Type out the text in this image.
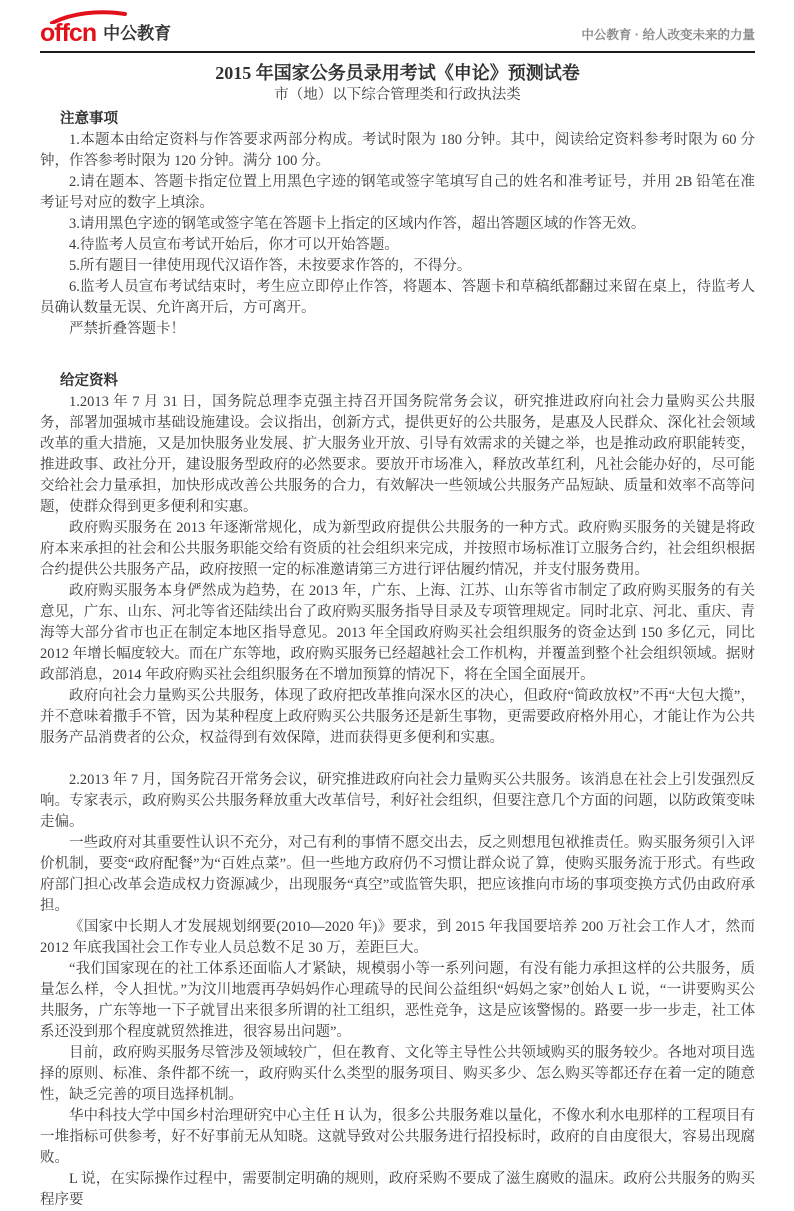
offcn 中公教育	中公教育 · 给人改变未来的力量
2015 年国家公务员录用考试《申论》预测试卷
市（地）以下综合管理类和行政执法类
注意事项

1.本题本由给定资料与作答要求两部分构成。考试时限为 180 分钟。其中，阅读给定资料参考时限为 60 分钟，作答参考时限为 120 分钟。满分 100 分。

2.请在题本、答题卡指定位置上用黑色字迹的钢笔或签字笔填写自己的姓名和准考证号，并用 2B 铅笔在准考证号对应的数字上填涂。

3.请用黑色字迹的钢笔或签字笔在答题卡上指定的区域内作答，超出答题区域的作答无效。

4.待监考人员宣布考试开始后，你才可以开始答题。

5.所有题目一律使用现代汉语作答，未按要求作答的，不得分。

6.监考人员宣布考试结束时，考生应立即停止作答，将题本、答题卡和草稿纸都翻过来留在桌上，待监考人员确认数量无误、允许离开后，方可离开。

严禁折叠答题卡！

给定资料

1.2013 年 7 月 31 日，国务院总理李克强主持召开国务院常务会议，研究推进政府向社会力量购买公共服务，部署加强城市基础设施建设。会议指出，创新方式，提供更好的公共服务，是惠及人民群众、深化社会领域改革的重大措施，又是加快服务业发展、扩大服务业开放、引导有效需求的关键之举，也是推动政府职能转变，推进政事、政社分开，建设服务型政府的必然要求。要放开市场准入，释放改革红利，凡社会能办好的，尽可能交给社会力量承担，加快形成改善公共服务的合力，有效解决一些领域公共服务产品短缺、质量和效率不高等问题，使群众得到更多便利和实惠。

政府购买服务在 2013 年逐渐常规化，成为新型政府提供公共服务的一种方式。政府购买服务的关键是将政府本来承担的社会和公共服务职能交给有资质的社会组织来完成，并按照市场标准订立服务合约，社会组织根据合约提供公共服务产品，政府按照一定的标准邀请第三方进行评估履约情况，并支付服务费用。

政府购买服务本身俨然成为趋势，在 2013 年，广东、上海、江苏、山东等省市制定了政府购买服务的有关意见，广东、山东、河北等省还陆续出台了政府购买服务指导目录及专项管理规定。同时北京、河北、重庆、青海等大部分省市也正在制定本地区指导意见。2013 年全国政府购买社会组织服务的资金达到 150 多亿元，同比 2012 年增长幅度较大。而在广东等地，政府购买服务已经超越社会工作机构，并覆盖到整个社会组织领域。据财政部消息，2014 年政府购买社会组织服务在不增加预算的情况下，将在全国全面展开。

政府向社会力量购买公共服务，体现了政府把改革推向深水区的决心，但政府“简政放权”不再“大包大揽”，并不意味着撒手不管，因为某种程度上政府购买公共服务还是新生事物，更需要政府格外用心，才能让作为公共服务产品消费者的公众，权益得到有效保障，进而获得更多便利和实惠。

2.2013 年 7 月，国务院召开常务会议，研究推进政府向社会力量购买公共服务。该消息在社会上引发强烈反响。专家表示，政府购买公共服务释放重大改革信号，利好社会组织，但要注意几个方面的问题，以防政策变味走偏。

一些政府对其重要性认识不充分，对己有利的事情不愿交出去，反之则想甩包袱推责任。购买服务须引入评价机制，要变“政府配餐”为“百姓点菜”。但一些地方政府仍不习惯让群众说了算，使购买服务流于形式。有些政府部门担心改革会造成权力资源减少，出现服务“真空”或监管失职，把应该推向市场的事项变换方式仍由政府承担。

《国家中长期人才发展规划纲要(2010—2020 年)》要求，到 2015 年我国要培养 200 万社会工作人才，然而 2012 年底我国社会工作专业人员总数不足 30 万，差距巨大。

“我们国家现在的社工体系还面临人才紧缺，规模弱小等一系列问题，有没有能力承担这样的公共服务，质量怎么样，令人担忧。”为汶川地震再孕妈妈作心理疏导的民间公益组织“妈妈之家”创始人 L 说，“一讲要购买公共服务，广东等地一下子就冒出来很多所谓的社工组织，恶性竞争，这是应该警惕的。路要一步一步走，社工体系还没到那个程度就贸然推进，很容易出问题”。

目前，政府购买服务尽管涉及领域较广，但在教育、文化等主导性公共领域购买的服务较少。各地对项目选择的原则、标准、条件都不统一，政府购买什么类型的服务项目、购买多少、怎么购买等都还存在着一定的随意性，缺乏完善的项目选择机制。

华中科技大学中国乡村治理研究中心主任 H 认为，很多公共服务难以量化，不像水利水电那样的工程项目有一堆指标可供参考，好不好事前无从知晓。这就导致对公共服务进行招投标时，政府的自由度很大，容易出现腐败。

L 说，在实际操作过程中，需要制定明确的规则，政府采购不要成了滋生腐败的温床。政府公共服务的购买程序要
